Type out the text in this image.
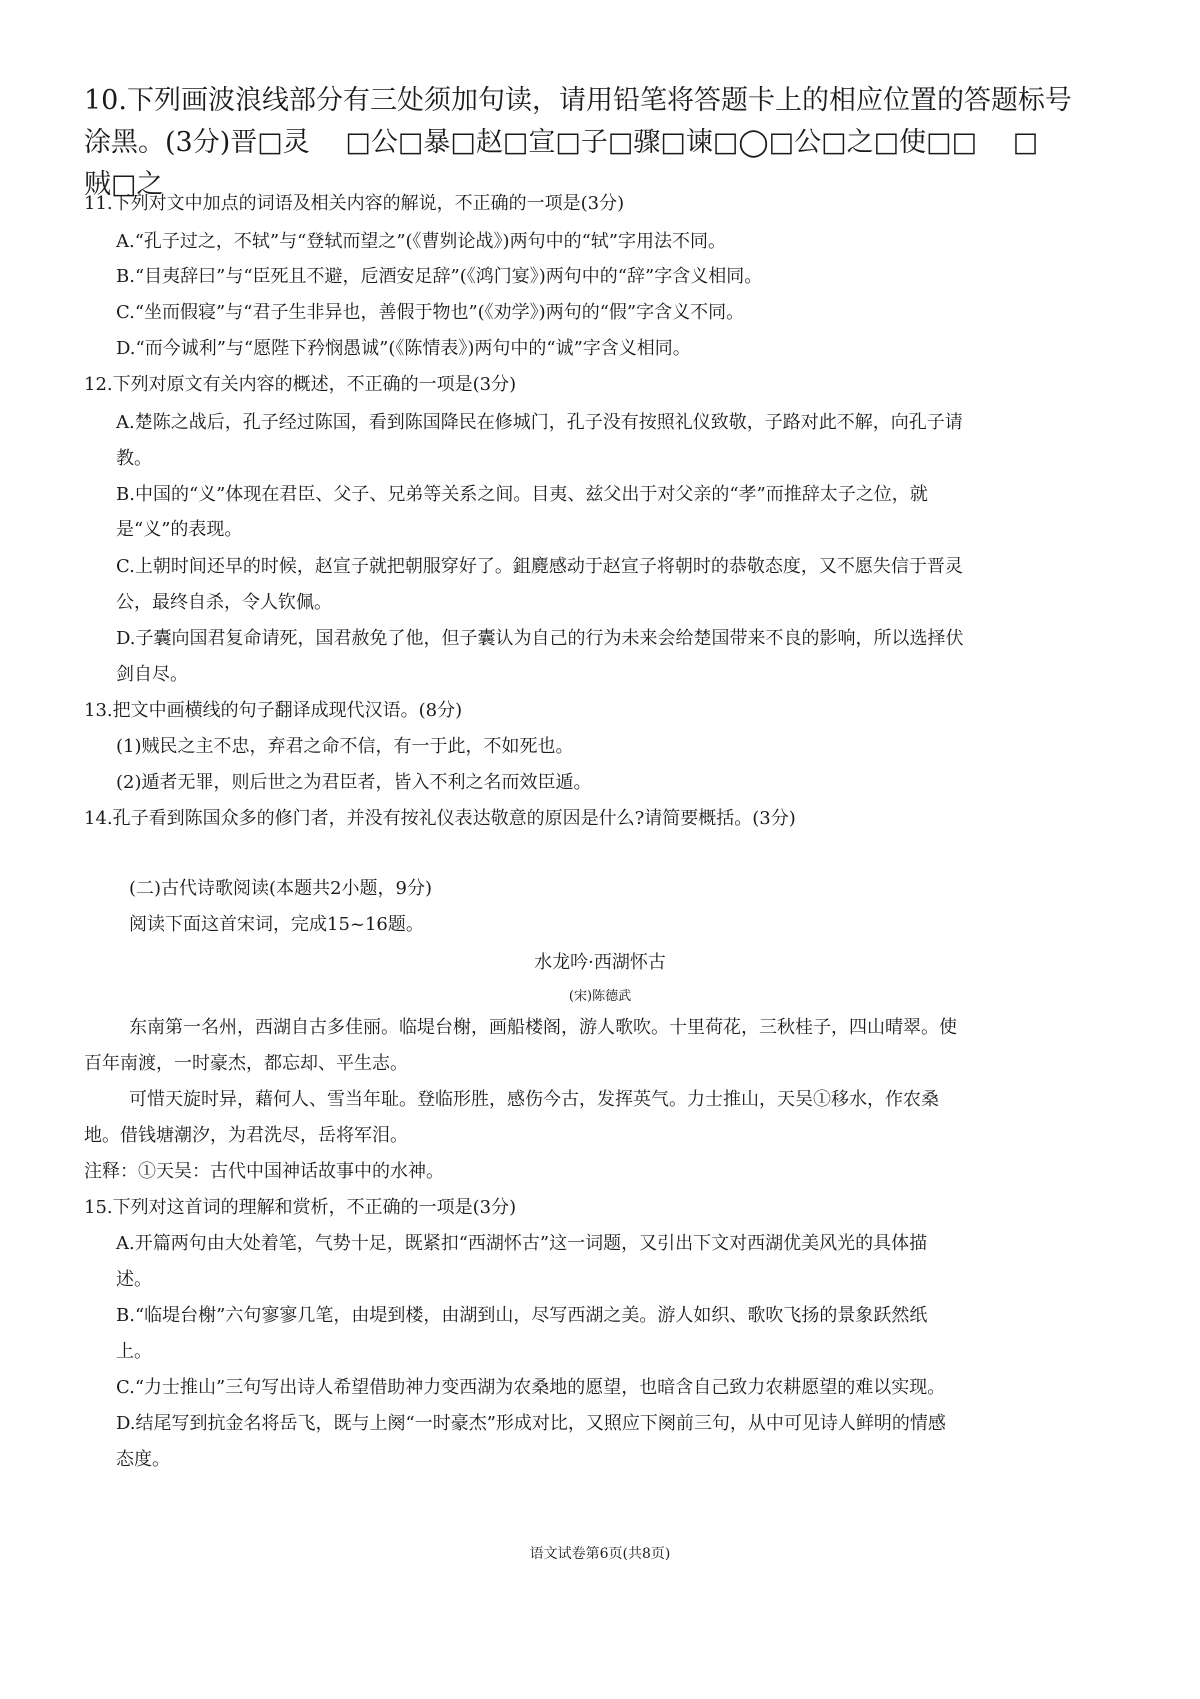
10.下列画波浪线部分有三处须加句读，请用铅笔将答题卡上的相应位置的答题标号
涂黑。(3分)晋□灵　 □公□暴□赵□宣□子□骤□谏□◯□公□之□使□□　 □
贼□之
11.下列对文中加点的词语及相关内容的解说，不正确的一项是(3分)
A.“孔子过之，不轼”与“登轼而望之”(《曹刿论战》)两句中的“轼”字用法不同。
B.“目夷辞曰”与“臣死且不避，卮酒安足辞”(《鸿门宴》)两句中的“辞”字含义相同。
C.“坐而假寝”与“君子生非异也，善假于物也”(《劝学》)两句的“假”字含义不同。
D.“而今诚利”与“愿陛下矜悯愚诚”(《陈情表》)两句中的“诚”字含义相同。
12.下列对原文有关内容的概述，不正确的一项是(3分)
A.楚陈之战后，孔子经过陈国，看到陈国降民在修城门，孔子没有按照礼仪致敬，子路对此不解，向孔子请
教。
B.中国的“义”体现在君臣、父子、兄弟等关系之间。目夷、兹父出于对父亲的“孝”而推辞太子之位，就
是“义”的表现。
C.上朝时间还早的时候，赵宣子就把朝服穿好了。鉏麑感动于赵宣子将朝时的恭敬态度，又不愿失信于晋灵
公，最终自杀，令人钦佩。
D.子囊向国君复命请死，国君赦免了他，但子囊认为自己的行为未来会给楚国带来不良的影响，所以选择伏
剑自尽。
13.把文中画横线的句子翻译成现代汉语。(8分)
(1)贼民之主不忠，弃君之命不信，有一于此，不如死也。
(2)遁者无罪，则后世之为君臣者，皆入不利之名而效臣遁。
14.孔子看到陈国众多的修门者，并没有按礼仪表达敬意的原因是什么?请简要概括。(3分)
(二)古代诗歌阅读(本题共2小题，9分)
阅读下面这首宋词，完成15~16题。
水龙吟·西湖怀古
(宋)陈德武
东南第一名州，西湖自古多佳丽。临堤台榭，画船楼阁，游人歌吹。十里荷花，三秋桂子，四山晴翠。使
百年南渡，一时豪杰，都忘却、平生志。
可惜天旋时异，藉何人、雪当年耻。登临形胜，感伤今古，发挥英气。力士推山，天吴①移水，作农桑
地。借钱塘潮汐，为君洗尽，岳将军泪。
注释：①天吴：古代中国神话故事中的水神。
15.下列对这首词的理解和赏析，不正确的一项是(3分)
A.开篇两句由大处着笔，气势十足，既紧扣“西湖怀古”这一词题，又引出下文对西湖优美风光的具体描
述。
B.“临堤台榭”六句寥寥几笔，由堤到楼，由湖到山，尽写西湖之美。游人如织、歌吹飞扬的景象跃然纸
上。
C.“力士推山”三句写出诗人希望借助神力变西湖为农桑地的愿望，也暗含自己致力农耕愿望的难以实现。
D.结尾写到抗金名将岳飞，既与上阕“一时豪杰”形成对比，又照应下阕前三句，从中可见诗人鲜明的情感
态度。
语文试卷第6页(共8页)
